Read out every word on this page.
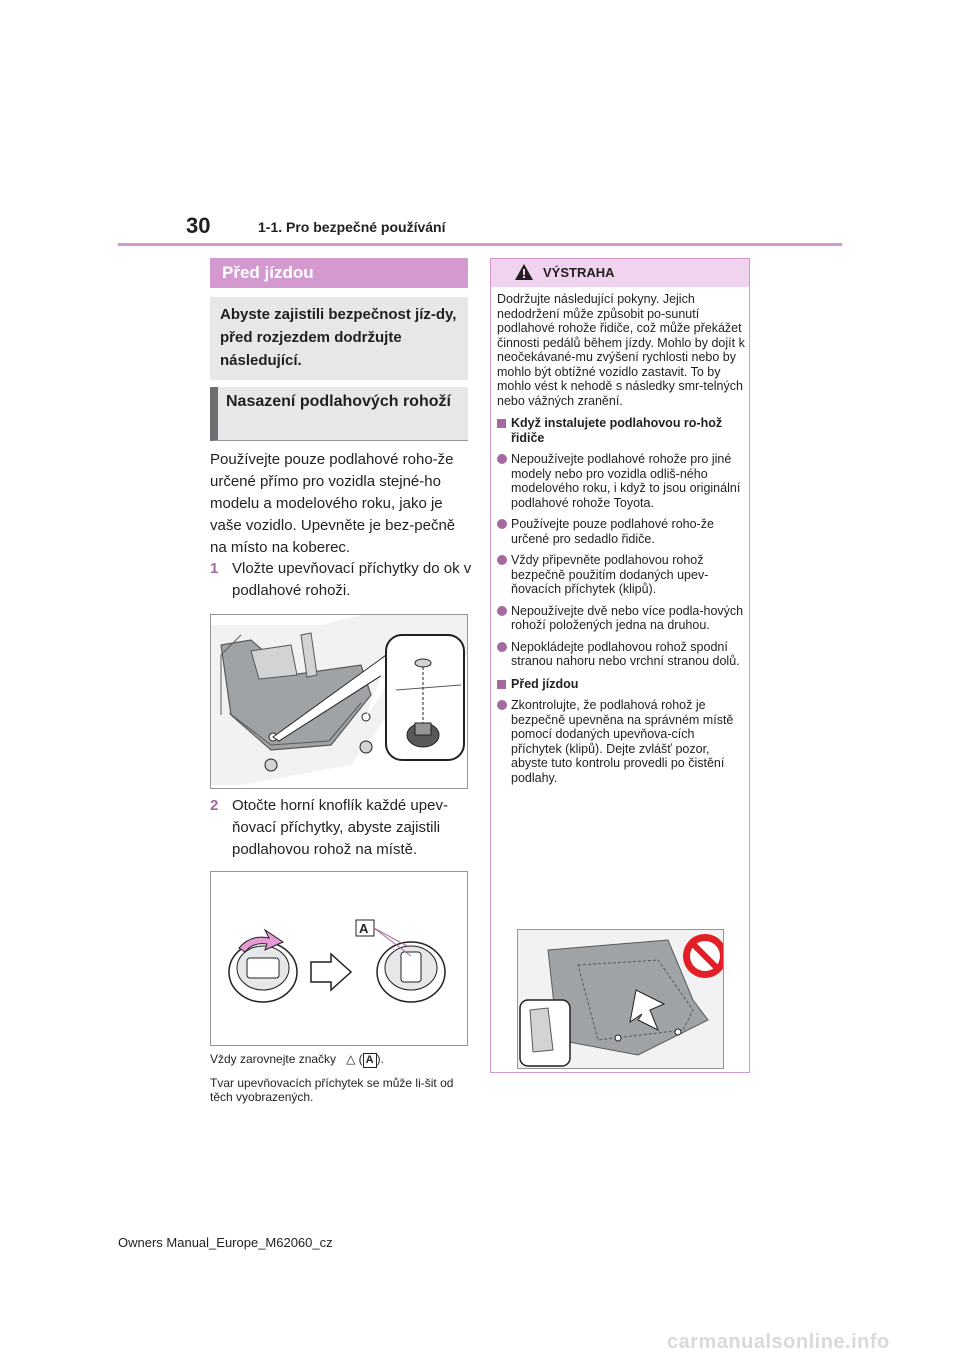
30	1-1. Pro bezpečné používání
Před jízdou
Abyste zajistili bezpečnost jíz-dy, před rozjezdem dodržujte následující.
Nasazení podlahových rohoží
Používejte pouze podlahové roho-že určené přímo pro vozidla stejné-ho modelu a modelového roku, jako je vaše vozidlo. Upevněte je bez-pečně na místo na koberec.
1 Vložte upevňovací příchytky do ok v podlahové rohoži.
2 Otočte horní knoflík každé upev-ňovací příchytky, abyste zajistili podlahovou rohož na místě.
A
Vždy zarovnejte značky   △ ( A ).
Tvar upevňovacích příchytek se může li-šit od těch vyobrazených.
VÝSTRAHA

Dodržujte následující pokyny. Jejich nedodržení může způsobit po-sunutí podlahové rohože řidiče, což může překážet činnosti pedálů během jízdy. Mohlo by dojít k neočekávané-mu zvýšení rychlosti nebo by mohlo být obtížné vozidlo zastavit. To by mohlo vést k nehodě s následky smr-telných nebo vážných zranění.

Když instalujete podlahovou ro-hož řidiče
Nepoužívejte podlahové rohože pro jiné modely nebo pro vozidla odliš-ného modelového roku, i když to jsou originální podlahové rohože Toyota.
Používejte pouze podlahové roho-že určené pro sedadlo řidiče.
Vždy připevněte podlahovou rohož bezpečně použitím dodaných upev-ňovacích příchytek (klipů).
Nepoužívejte dvě nebo více podla-hových rohoží položených jedna na druhou.
Nepokládejte podlahovou rohož spodní stranou nahoru nebo vrchní stranou dolů.
Před jízdou
Zkontrolujte, že podlahová rohož je bezpečně upevněna na správném místě pomocí dodaných upevňova-cích příchytek (klipů). Dejte zvlášť pozor, abyste tuto kontrolu provedli po čistění podlahy.
Owners Manual_Europe_M62060_cz
carmanualsonline.info
